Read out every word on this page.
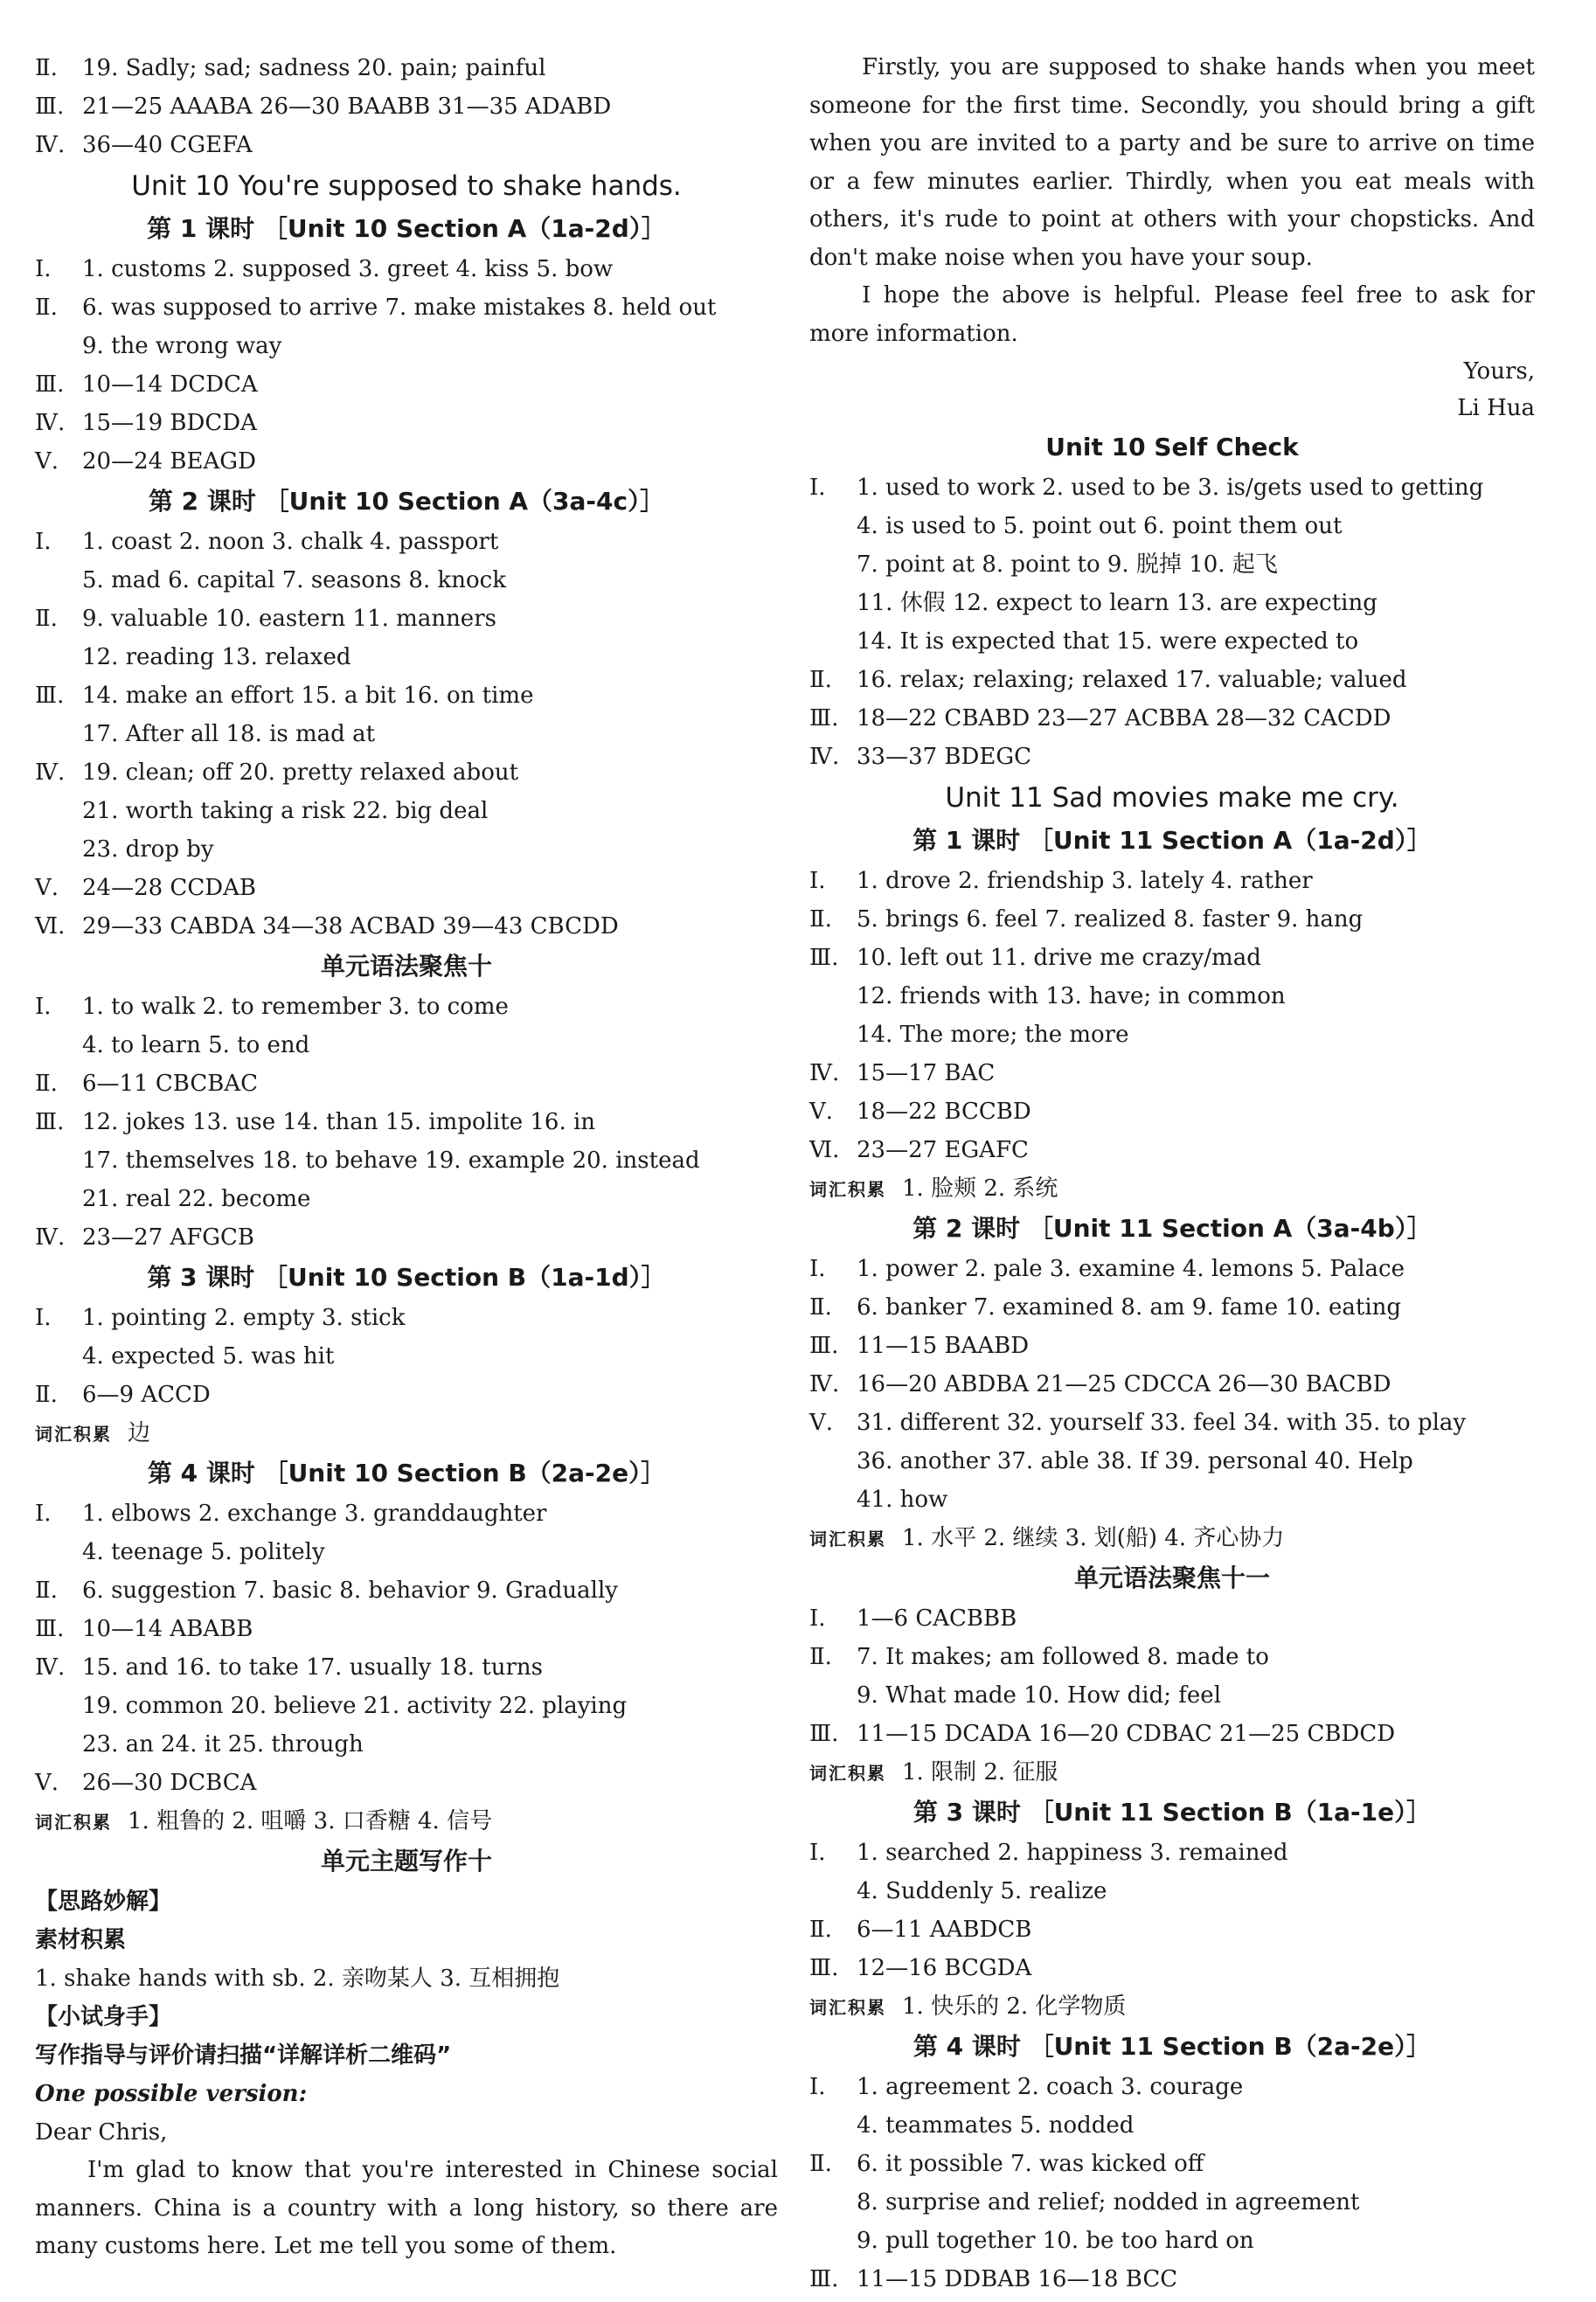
Ⅱ. 19. Sadly; sad; sadness 20. pain; painful
Ⅲ. 21—25 AAABA 26—30 BAABB 31—35 ADABD
Ⅳ. 36—40 CGEFA
Unit 10 You're supposed to shake hands.
第 1 课时 ［Unit 10 Section A（1a-2d）］
Ⅰ. 1. customs 2. supposed 3. greet 4. kiss 5. bow
Ⅱ. 6. was supposed to arrive 7. make mistakes 8. held out
9. the wrong way
Ⅲ. 10—14 DCDCA
Ⅳ. 15—19 BDCDA
Ⅴ. 20—24 BEAGD
第 2 课时 ［Unit 10 Section A（3a-4c）］
Ⅰ. 1. coast 2. noon 3. chalk 4. passport
5. mad 6. capital 7. seasons 8. knock
Ⅱ. 9. valuable 10. eastern 11. manners
12. reading 13. relaxed
Ⅲ. 14. make an effort 15. a bit 16. on time
17. After all 18. is mad at
Ⅳ. 19. clean; off 20. pretty relaxed about
21. worth taking a risk 22. big deal
23. drop by
Ⅴ. 24—28 CCDAB
Ⅵ. 29—33 CABDA 34—38 ACBAD 39—43 CBCDD
单元语法聚焦十
Ⅰ. 1. to walk 2. to remember 3. to come
4. to learn 5. to end
Ⅱ. 6—11 CBCBAC
Ⅲ. 12. jokes 13. use 14. than 15. impolite 16. in
17. themselves 18. to behave 19. example 20. instead
21. real 22. become
Ⅳ. 23—27 AFGCB
第 3 课时 ［Unit 10 Section B（1a-1d）］
Ⅰ. 1. pointing 2. empty 3. stick
4. expected 5. was hit
Ⅱ. 6—9 ACCD
词汇积累 边
第 4 课时 ［Unit 10 Section B（2a-2e）］
Ⅰ. 1. elbows 2. exchange 3. granddaughter
4. teenage 5. politely
Ⅱ. 6. suggestion 7. basic 8. behavior 9. Gradually
Ⅲ. 10—14 ABABB
Ⅳ. 15. and 16. to take 17. usually 18. turns
19. common 20. believe 21. activity 22. playing
23. an 24. it 25. through
Ⅴ. 26—30 DCBCA
词汇积累 1. 粗鲁的 2. 咀嚼 3. 口香糖 4. 信号
单元主题写作十
【思路妙解】
素材积累
1. shake hands with sb. 2. 亲吻某人 3. 互相拥抱
【小试身手】
写作指导与评价请扫描“详解详析二维码”
One possible version:
Dear Chris,
I'm glad to know that you're interested in Chinese social manners. China is a country with a long history, so there are many customs here. Let me tell you some of them.
Firstly, you are supposed to shake hands when you meet someone for the first time. Secondly, you should bring a gift when you are invited to a party and be sure to arrive on time or a few minutes earlier. Thirdly, when you eat meals with others, it's rude to point at others with your chopsticks. And don't make noise when you have your soup.
I hope the above is helpful. Please feel free to ask for more information.
Yours,
Li Hua
Unit 10 Self Check
Ⅰ. 1. used to work 2. used to be 3. is/gets used to getting
4. is used to 5. point out 6. point them out
7. point at 8. point to 9. 脱掉 10. 起飞
11. 休假 12. expect to learn 13. are expecting
14. It is expected that 15. were expected to
Ⅱ. 16. relax; relaxing; relaxed 17. valuable; valued
Ⅲ. 18—22 CBABD 23—27 ACBBA 28—32 CACDD
Ⅳ. 33—37 BDEGC
Unit 11 Sad movies make me cry.
第 1 课时 ［Unit 11 Section A（1a-2d）］
Ⅰ. 1. drove 2. friendship 3. lately 4. rather
Ⅱ. 5. brings 6. feel 7. realized 8. faster 9. hang
Ⅲ. 10. left out 11. drive me crazy/mad
12. friends with 13. have; in common
14. The more; the more
Ⅳ. 15—17 BAC
Ⅴ. 18—22 BCCBD
Ⅵ. 23—27 EGAFC
词汇积累 1. 脸颊 2. 系统
第 2 课时 ［Unit 11 Section A（3a-4b）］
Ⅰ. 1. power 2. pale 3. examine 4. lemons 5. Palace
Ⅱ. 6. banker 7. examined 8. am 9. fame 10. eating
Ⅲ. 11—15 BAABD
Ⅳ. 16—20 ABDBA 21—25 CDCCA 26—30 BACBD
Ⅴ. 31. different 32. yourself 33. feel 34. with 35. to play
36. another 37. able 38. If 39. personal 40. Help
41. how
词汇积累 1. 水平 2. 继续 3. 划(船) 4. 齐心协力
单元语法聚焦十一
Ⅰ. 1—6 CACBBB
Ⅱ. 7. It makes; am followed 8. made to
9. What made 10. How did; feel
Ⅲ. 11—15 DCADA 16—20 CDBAC 21—25 CBDCD
词汇积累 1. 限制 2. 征服
第 3 课时 ［Unit 11 Section B（1a-1e）］
Ⅰ. 1. searched 2. happiness 3. remained
4. Suddenly 5. realize
Ⅱ. 6—11 AABDCB
Ⅲ. 12—16 BCGDA
词汇积累 1. 快乐的 2. 化学物质
第 4 课时 ［Unit 11 Section B（2a-2e）］
Ⅰ. 1. agreement 2. coach 3. courage
4. teammates 5. nodded
Ⅱ. 6. it possible 7. was kicked off
8. surprise and relief; nodded in agreement
9. pull together 10. be too hard on
Ⅲ. 11—15 DDBAB 16—18 BCC
